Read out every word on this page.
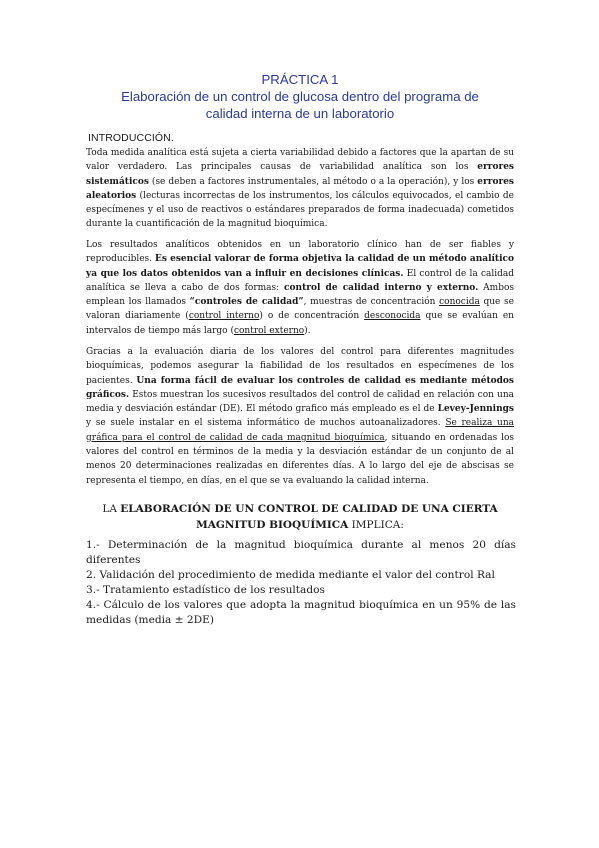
PRÁCTICA 1
Elaboración de un control de glucosa dentro del programa de
calidad interna de un laboratorio
INTRODUCCIÓN.
Toda medida analítica está sujeta a cierta variabilidad debido a factores que la apartan de su valor verdadero. Las principales causas de variabilidad analítica son los errores sistemáticos (se deben a factores instrumentales, al método o a la operación), y los errores aleatorios (lecturas incorrectas de los instrumentos, los cálculos equivocados, el cambio de especímenes y el uso de reactivos o estándares preparados de forma inadecuada) cometidos durante la cuantificación de la magnitud bioquímica.
Los resultados analíticos obtenidos en un laboratorio clínico han de ser fiables y reproducibles. Es esencial valorar de forma objetiva la calidad de un método analítico ya que los datos obtenidos van a influir en decisiones clínicas. El control de la calidad analítica se lleva a cabo de dos formas: control de calidad interno y externo. Ambos emplean los llamados “controles de calidad”, muestras de concentración conocida que se valoran diariamente (control interno) o de concentración desconocida que se evalúan en intervalos de tiempo más largo (control externo).
Gracias a la evaluación diaria de los valores del control para diferentes magnitudes bioquímicas, podemos asegurar la fiabilidad de los resultados en especímenes de los pacientes. Una forma fácil de evaluar los controles de calidad es mediante métodos gráficos. Estos muestran los sucesivos resultados del control de calidad en relación con una media y desviación estándar (DE). El método grafico más empleado es el de Levey-Jennings y se suele instalar en el sistema informático de muchos autoanalizadores. Se realiza una gráfica para el control de calidad de cada magnitud bioquímica, situando en ordenadas los valores del control en términos de la media y la desviación estándar de un conjunto de al menos 20 determinaciones realizadas en diferentes días. A lo largo del eje de abscisas se representa el tiempo, en días, en el que se va evaluando la calidad interna.
LA ELABORACIÓN DE UN CONTROL DE CALIDAD DE UNA CIERTA MAGNITUD BIOQUÍMICA IMPLICA:
1.- Determinación de la magnitud bioquímica durante al menos 20 días diferentes
2. Validación del procedimiento de medida mediante el valor del control Ral
3.- Tratamiento estadístico de los resultados
4.- Cálculo de los valores que adopta la magnitud bioquímica en un 95% de las medidas (media ± 2DE)
